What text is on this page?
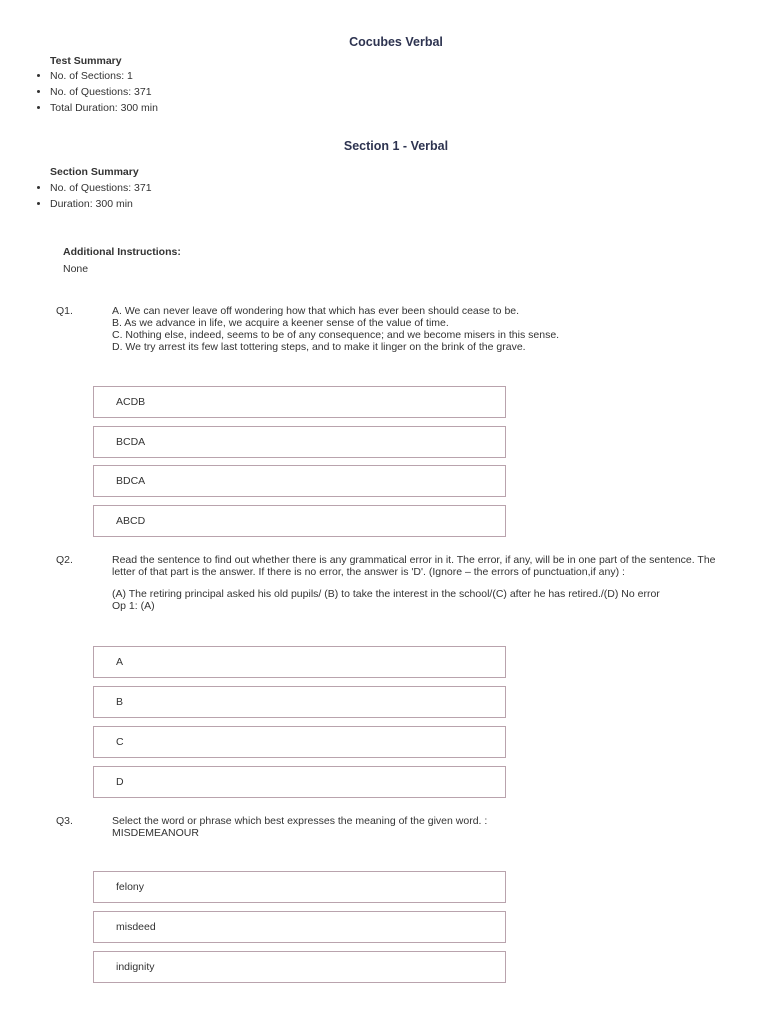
Cocubes Verbal
Test Summary
• No. of Sections: 1
• No. of Questions: 371
• Total Duration: 300 min
Section 1 - Verbal
Section Summary
• No. of Questions: 371
• Duration: 300 min
Additional Instructions:
None
Q1.	A. We can never leave off wondering how that which has ever been should cease to be.
B. As we advance in life, we acquire a keener sense of the value of time.
C. Nothing else, indeed, seems to be of any consequence; and we become misers in this sense.
D. We try arrest its few last tottering steps, and to make it linger on the brink of the grave.
ACDB
BCDA
BDCA
ABCD
Q2.	Read the sentence to find out whether there is any grammatical error in it. The error, if any, will be in one part of the sentence. The letter of that part is the answer. If there is no error, the answer is 'D'. (Ignore – the errors of punctuation,if any) :
(A) The retiring principal asked his old pupils/ (B) to take the interest in the school/(C) after he has retired./(D) No error
Op 1: (A)
A
B
C
D
Q3.	Select the word or phrase which best expresses the meaning of the given word. :
MISDEMEANOUR
felony
misdeed
indignity
